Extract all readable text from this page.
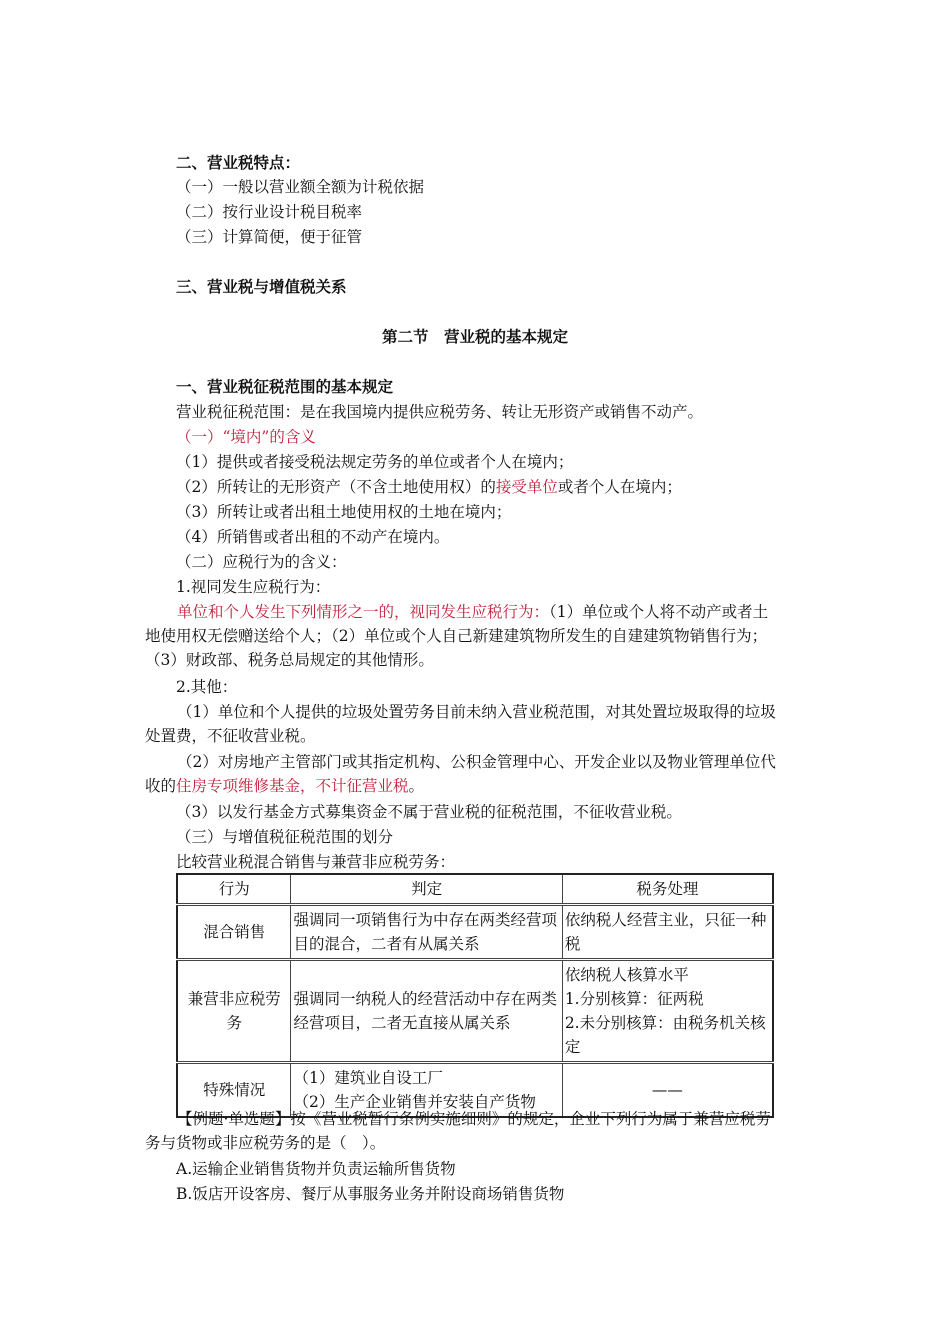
二、营业税特点：
（一）一般以营业额全额为计税依据
（二）按行业设计税目税率
（三）计算简便，便于征管
三、营业税与增值税关系
第二节　营业税的基本规定
一、营业税征税范围的基本规定
营业税征税范围：是在我国境内提供应税劳务、转让无形资产或销售不动产。
（一）“境内”的含义
（1）提供或者接受税法规定劳务的单位或者个人在境内；
（2）所转让的无形资产（不含土地使用权）的接受单位或者个人在境内；
（3）所转让或者出租土地使用权的土地在境内；
（4）所销售或者出租的不动产在境内。
（二）应税行为的含义：
1.视同发生应税行为：
单位和个人发生下列情形之一的，视同发生应税行为：（1）单位或个人将不动产或者土地使用权无偿赠送给个人；（2）单位或个人自己新建建筑物所发生的自建建筑物销售行为；（3）财政部、税务总局规定的其他情形。
2.其他：
（1）单位和个人提供的垃圾处置劳务目前未纳入营业税范围，对其处置垃圾取得的垃圾处置费，不征收营业税。
（2）对房地产主管部门或其指定机构、公积金管理中心、开发企业以及物业管理单位代收的住房专项维修基金，不计征营业税。
（3）以发行基金方式募集资金不属于营业税的征税范围，不征收营业税。
（三）与增值税征税范围的划分
比较营业税混合销售与兼营非应税劳务：
行为	判定	税务处理
混合销售	强调同一项销售行为中存在两类经营项目的混合，二者有从属关系	依纳税人经营主业，只征一种税
兼营非应税劳务	强调同一纳税人的经营活动中存在两类经营项目，二者无直接从属关系	依纳税人核算水平
1.分别核算：征两税
2.未分别核算：由税务机关核定

特殊情况	（1）建筑业自设工厂
（2）生产企业销售并安装自产货物	——
【例题·单选题】按《营业税暂行条例实施细则》的规定，企业下列行为属于兼营应税劳务与货物或非应税劳务的是（　）。
A.运输企业销售货物并负责运输所售货物
B.饭店开设客房、餐厅从事服务业务并附设商场销售货物
